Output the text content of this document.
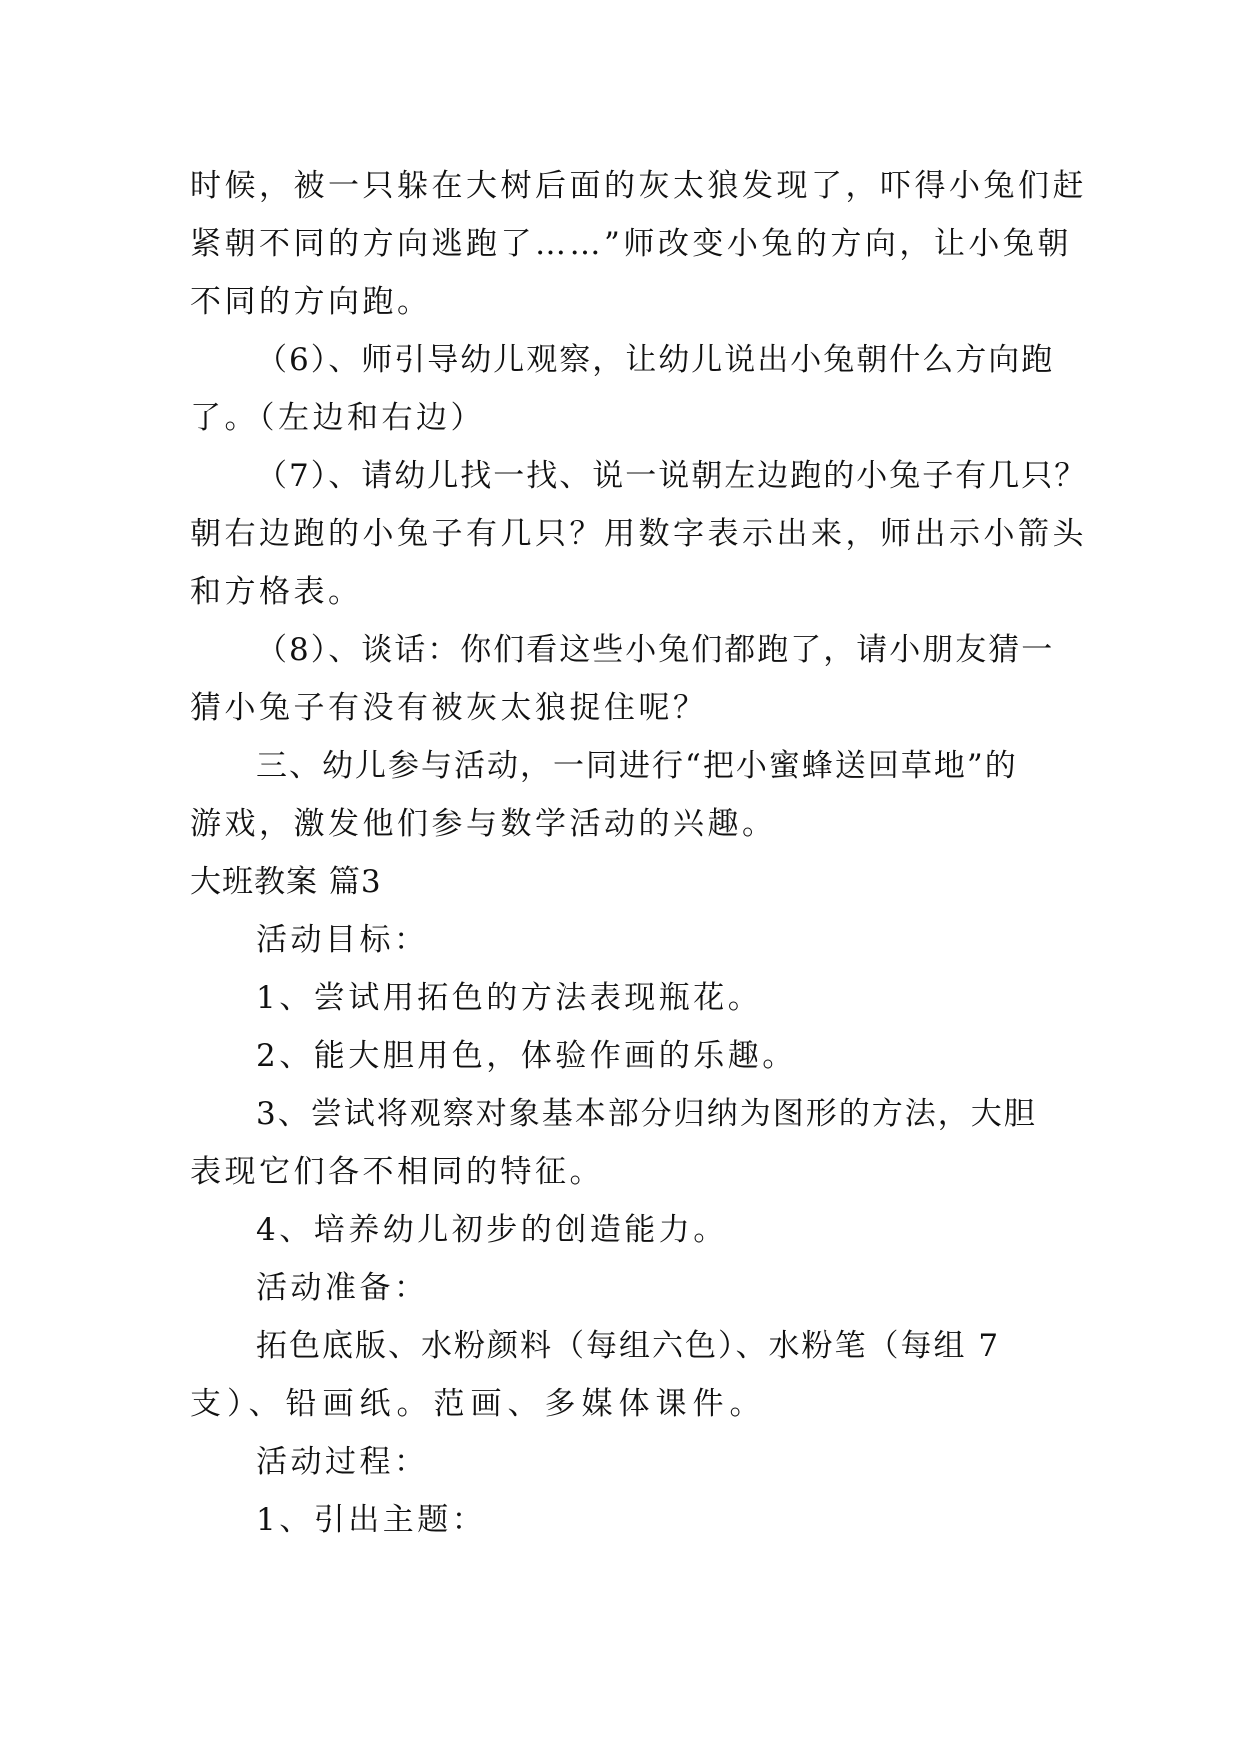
时候，被一只躲在大树后面的灰太狼发现了，吓得小兔们赶
紧朝不同的方向逃跑了……”师改变小兔的方向，让小兔朝
不同的方向跑。
（6）、师引导幼儿观察，让幼儿说出小兔朝什么方向跑
了。（左边和右边）
（7）、请幼儿找一找、说一说朝左边跑的小兔子有几只？
朝右边跑的小兔子有几只？用数字表示出来，师出示小箭头
和方格表。
（8）、谈话：你们看这些小兔们都跑了，请小朋友猜一
猜小兔子有没有被灰太狼捉住呢？
三、幼儿参与活动，一同进行“把小蜜蜂送回草地”的
游戏，激发他们参与数学活动的兴趣。
大班教案 篇3
活动目标：
1、尝试用拓色的方法表现瓶花。
2、能大胆用色，体验作画的乐趣。
3、尝试将观察对象基本部分归纳为图形的方法，大胆
表现它们各不相同的特征。
4、培养幼儿初步的创造能力。
活动准备：
拓色底版、水粉颜料（每组六色）、水粉笔（每组 7
支）、铅画纸。范画、多媒体课件。
活动过程：
1、引出主题：
